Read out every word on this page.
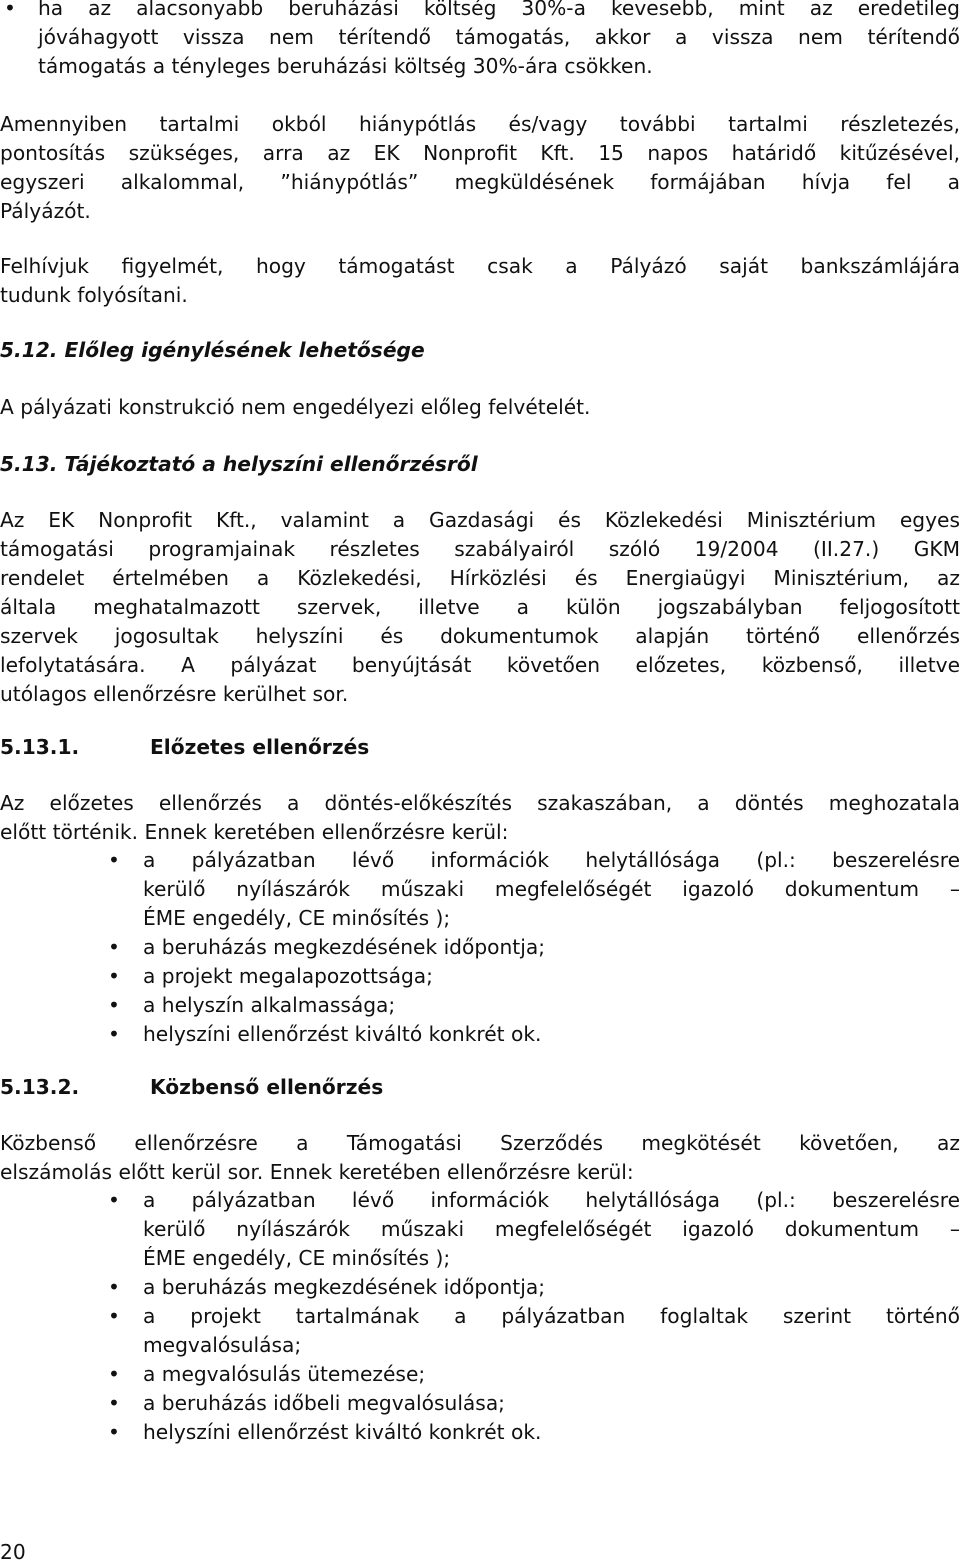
• ha az alacsonyabb beruházási költség 30%-a kevesebb, mint az eredetileg
jóváhagyott vissza nem térítendő támogatás, akkor a vissza nem térítendő
támogatás a tényleges beruházási költség 30%-ára csökken.
Amennyiben tartalmi okból hiánypótlás és/vagy további tartalmi részletezés,
pontosítás szükséges, arra az EK Nonprofit Kft. 15 napos határidő kitűzésével,
egyszeri alkalommal, ”hiánypótlás” megküldésének formájában hívja fel a
Pályázót.
Felhívjuk figyelmét, hogy támogatást csak a Pályázó saját bankszámlájára
tudunk folyósítani.
5.12. Előleg igénylésének lehetősége
A pályázati konstrukció nem engedélyezi előleg felvételét.
5.13. Tájékoztató a helyszíni ellenőrzésről
Az EK Nonprofit Kft., valamint a Gazdasági és Közlekedési Minisztérium egyes
támogatási programjainak részletes szabályairól szóló 19/2004 (II.27.) GKM
rendelet értelmében a Közlekedési, Hírközlési és Energiaügyi Minisztérium, az
általa meghatalmazott szervek, illetve a külön jogszabályban feljogosított
szervek jogosultak helyszíni és dokumentumok alapján történő ellenőrzés
lefolytatására. A pályázat benyújtását követően előzetes, közbenső, illetve
utólagos ellenőrzésre kerülhet sor.
5.13.1.	Előzetes ellenőrzés
Az előzetes ellenőrzés a döntés-előkészítés szakaszában, a döntés meghozatala
előtt történik. Ennek keretében ellenőrzésre kerül:
• a pályázatban lévő információk helytállósága (pl.: beszerelésre
kerülő nyílászárók műszaki megfelelőségét igazoló dokumentum –
ÉME engedély, CE minősítés );
• a beruházás megkezdésének időpontja;
• a projekt megalapozottsága;
• a helyszín alkalmassága;
• helyszíni ellenőrzést kiváltó konkrét ok.
5.13.2.	Közbenső ellenőrzés
Közbenső ellenőrzésre a Támogatási Szerződés megkötését követően, az
elszámolás előtt kerül sor. Ennek keretében ellenőrzésre kerül:
• a pályázatban lévő információk helytállósága (pl.: beszerelésre
kerülő nyílászárók műszaki megfelelőségét igazoló dokumentum –
ÉME engedély, CE minősítés );
• a beruházás megkezdésének időpontja;
• a projekt tartalmának a pályázatban foglaltak szerint történő
megvalósulása;
• a megvalósulás ütemezése;
• a beruházás időbeli megvalósulása;
• helyszíni ellenőrzést kiváltó konkrét ok.
20
